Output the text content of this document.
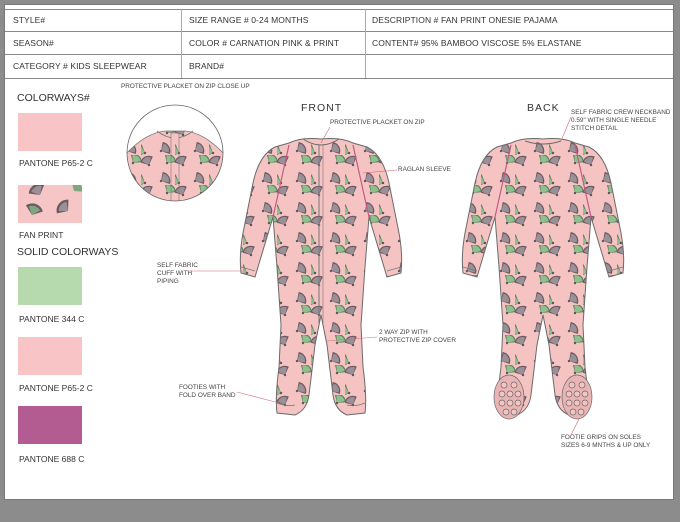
STYLE#	SIZE RANGE # 0-24 MONTHS	DESCRIPTION # FAN PRINT ONESIE PAJAMA
SEASON#	COLOR # CARNATION PINK & PRINT	CONTENT# 95% BAMBOO VISCOSE 5% ELASTANE
CATEGORY # KIDS SLEEPWEAR	BRAND#
COLORWAYS#
PANTONE P65-2 C
FAN PRINT
SOLID COLORWAYS
PANTONE 344 C
PANTONE P65-2 C
PANTONE 688 C
FRONT	BACK
PROTECTIVE PLACKET ON ZIP CLOSE UP
PROTECTIVE PLACKET ON ZIP
RAGLAN SLEEVE
SELF FABRIC
CUFF WITH
PIPING
2 WAY ZIP WITH
PROTECTIVE ZIP COVER
FOOTIES WITH
FOLD OVER BAND
SELF FABRIC CREW NECKBAND
0.59" WITH SINGLE NEEDLE
STITCH DETAIL
FOOTIE GRIPS ON SOLES
SIZES 6-9 MNTHS & UP ONLY
